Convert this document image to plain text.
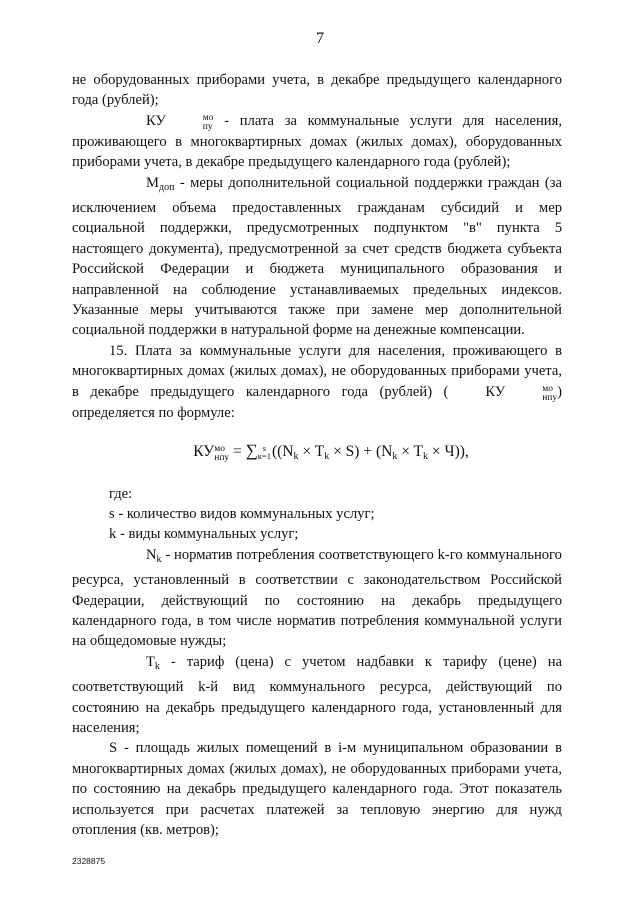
7

не оборудованных приборами учета, в декабре предыдущего календарного года (рублей);

КУ	мо
пу - плата за коммунальные услуги для населения, проживающего в многоквартирных домах (жилых домах), оборудованных приборами учета, в декабре предыдущего календарного года (рублей);

$М_{доп}$ - меры дополнительной социальной поддержки граждан (за исключением объема предоставленных гражданам субсидий и мер социальной поддержки, предусмотренных подпунктом "в" пункта 5 настоящего документа), предусмотренной за счет средств бюджета субъекта Российской Федерации и бюджета муниципального образования и направленной на соблюдение устанавливаемых предельных индексов. Указанные меры учитываются также при замене мер дополнительной социальной поддержки в натуральной форме на денежные компенсации.

15. Плата за коммунальные услуги для населения, проживающего в многоквартирных домах (жилых домах), не оборудованных приборами учета, в декабре предыдущего календарного года (рублей) (	КУ	мо
нпу )

определяется по формуле:

КУ мо
нпу = ∑ s
к=1 ((Nk × Tk × S) + (Nk × Tk × Ч)),

где:

s - количество видов коммунальных услуг;

k - виды коммунальных услуг;

$N_k$ - норматив потребления соответствующего k-го коммунального ресурса, установленный в соответствии с законодательством Российской Федерации, действующий по состоянию на декабрь предыдущего календарного года, в том числе норматив потребления коммунальной услуги на общедомовые нужды;

$T_k$ - тариф (цена) с учетом надбавки к тарифу (цене) на соответствующий k-й вид коммунального ресурса, действующий по состоянию на декабрь предыдущего календарного года, установленный для населения;

S - площадь жилых помещений в i-м муниципальном образовании в многоквартирных домах (жилых домах), не оборудованных приборами учета, по состоянию на декабрь предыдущего календарного года. Этот показатель используется при расчетах платежей за тепловую энергию для нужд отопления (кв. метров);

2328875
